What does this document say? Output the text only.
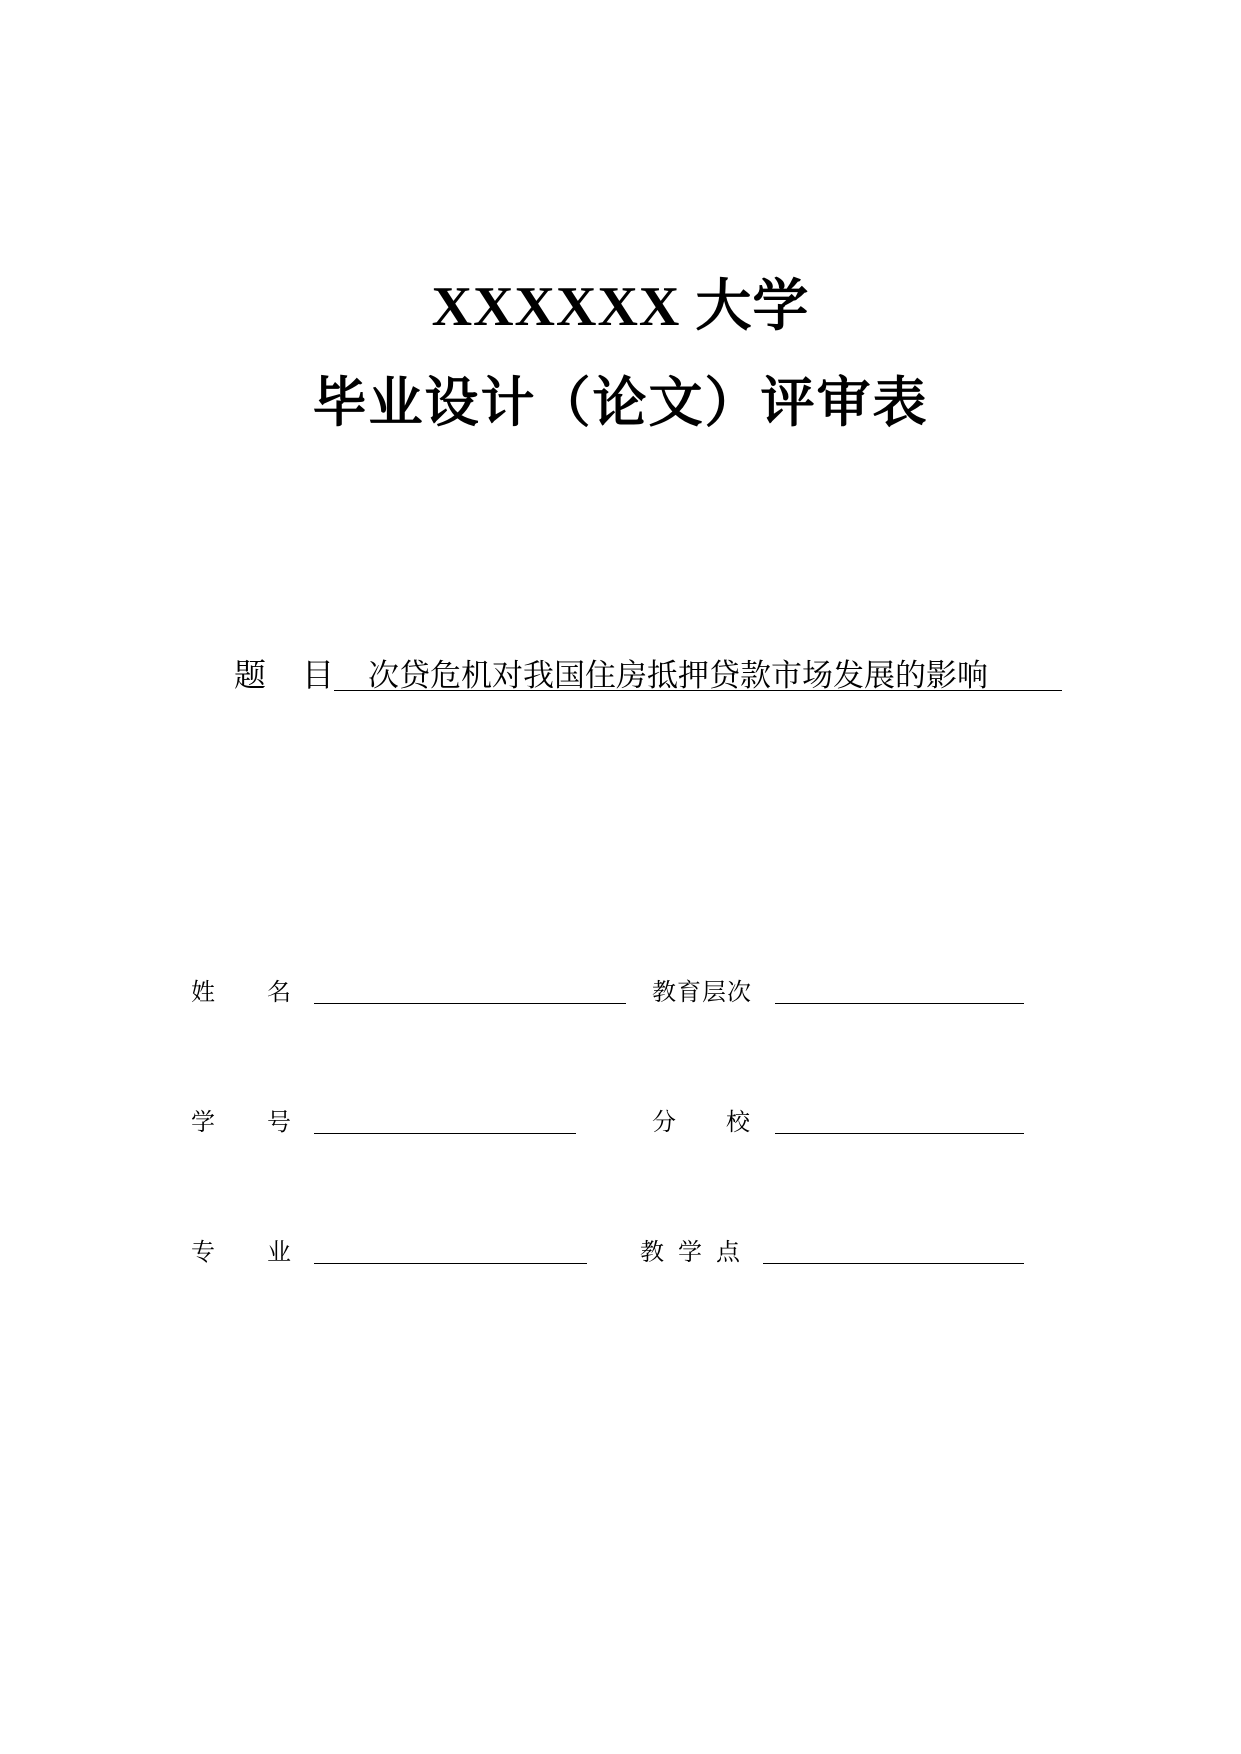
XXXXXX 大学
毕业设计（论文）评审表
题 目 次贷危机对我国住房抵押贷款市场发展的影响
姓 名	教育层次
学 号	分 校
专 业	教 学 点
